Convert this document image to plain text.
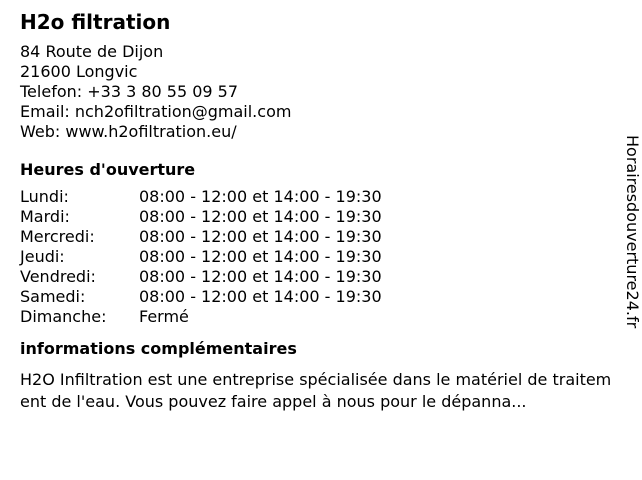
H2o filtration
84 Route de Dijon
21600 Longvic
Telefon: +33 3 80 55 09 57
Email: nch2ofiltration@gmail.com
Web: www.h2ofiltration.eu/
Heures d'ouverture
Lundi:	08:00 - 12:00 et 14:00 - 19:30
Mardi:	08:00 - 12:00 et 14:00 - 19:30
Mercredi:	08:00 - 12:00 et 14:00 - 19:30
Jeudi:	08:00 - 12:00 et 14:00 - 19:30
Vendredi:	08:00 - 12:00 et 14:00 - 19:30
Samedi:	08:00 - 12:00 et 14:00 - 19:30
Dimanche:	Fermé
informations complémentaires
H2O Infiltration est une entreprise spécialisée dans le matériel de traitement de l'eau. Vous pouvez faire appel à nous pour le dépanna...
Horairesdouverture24.fr
